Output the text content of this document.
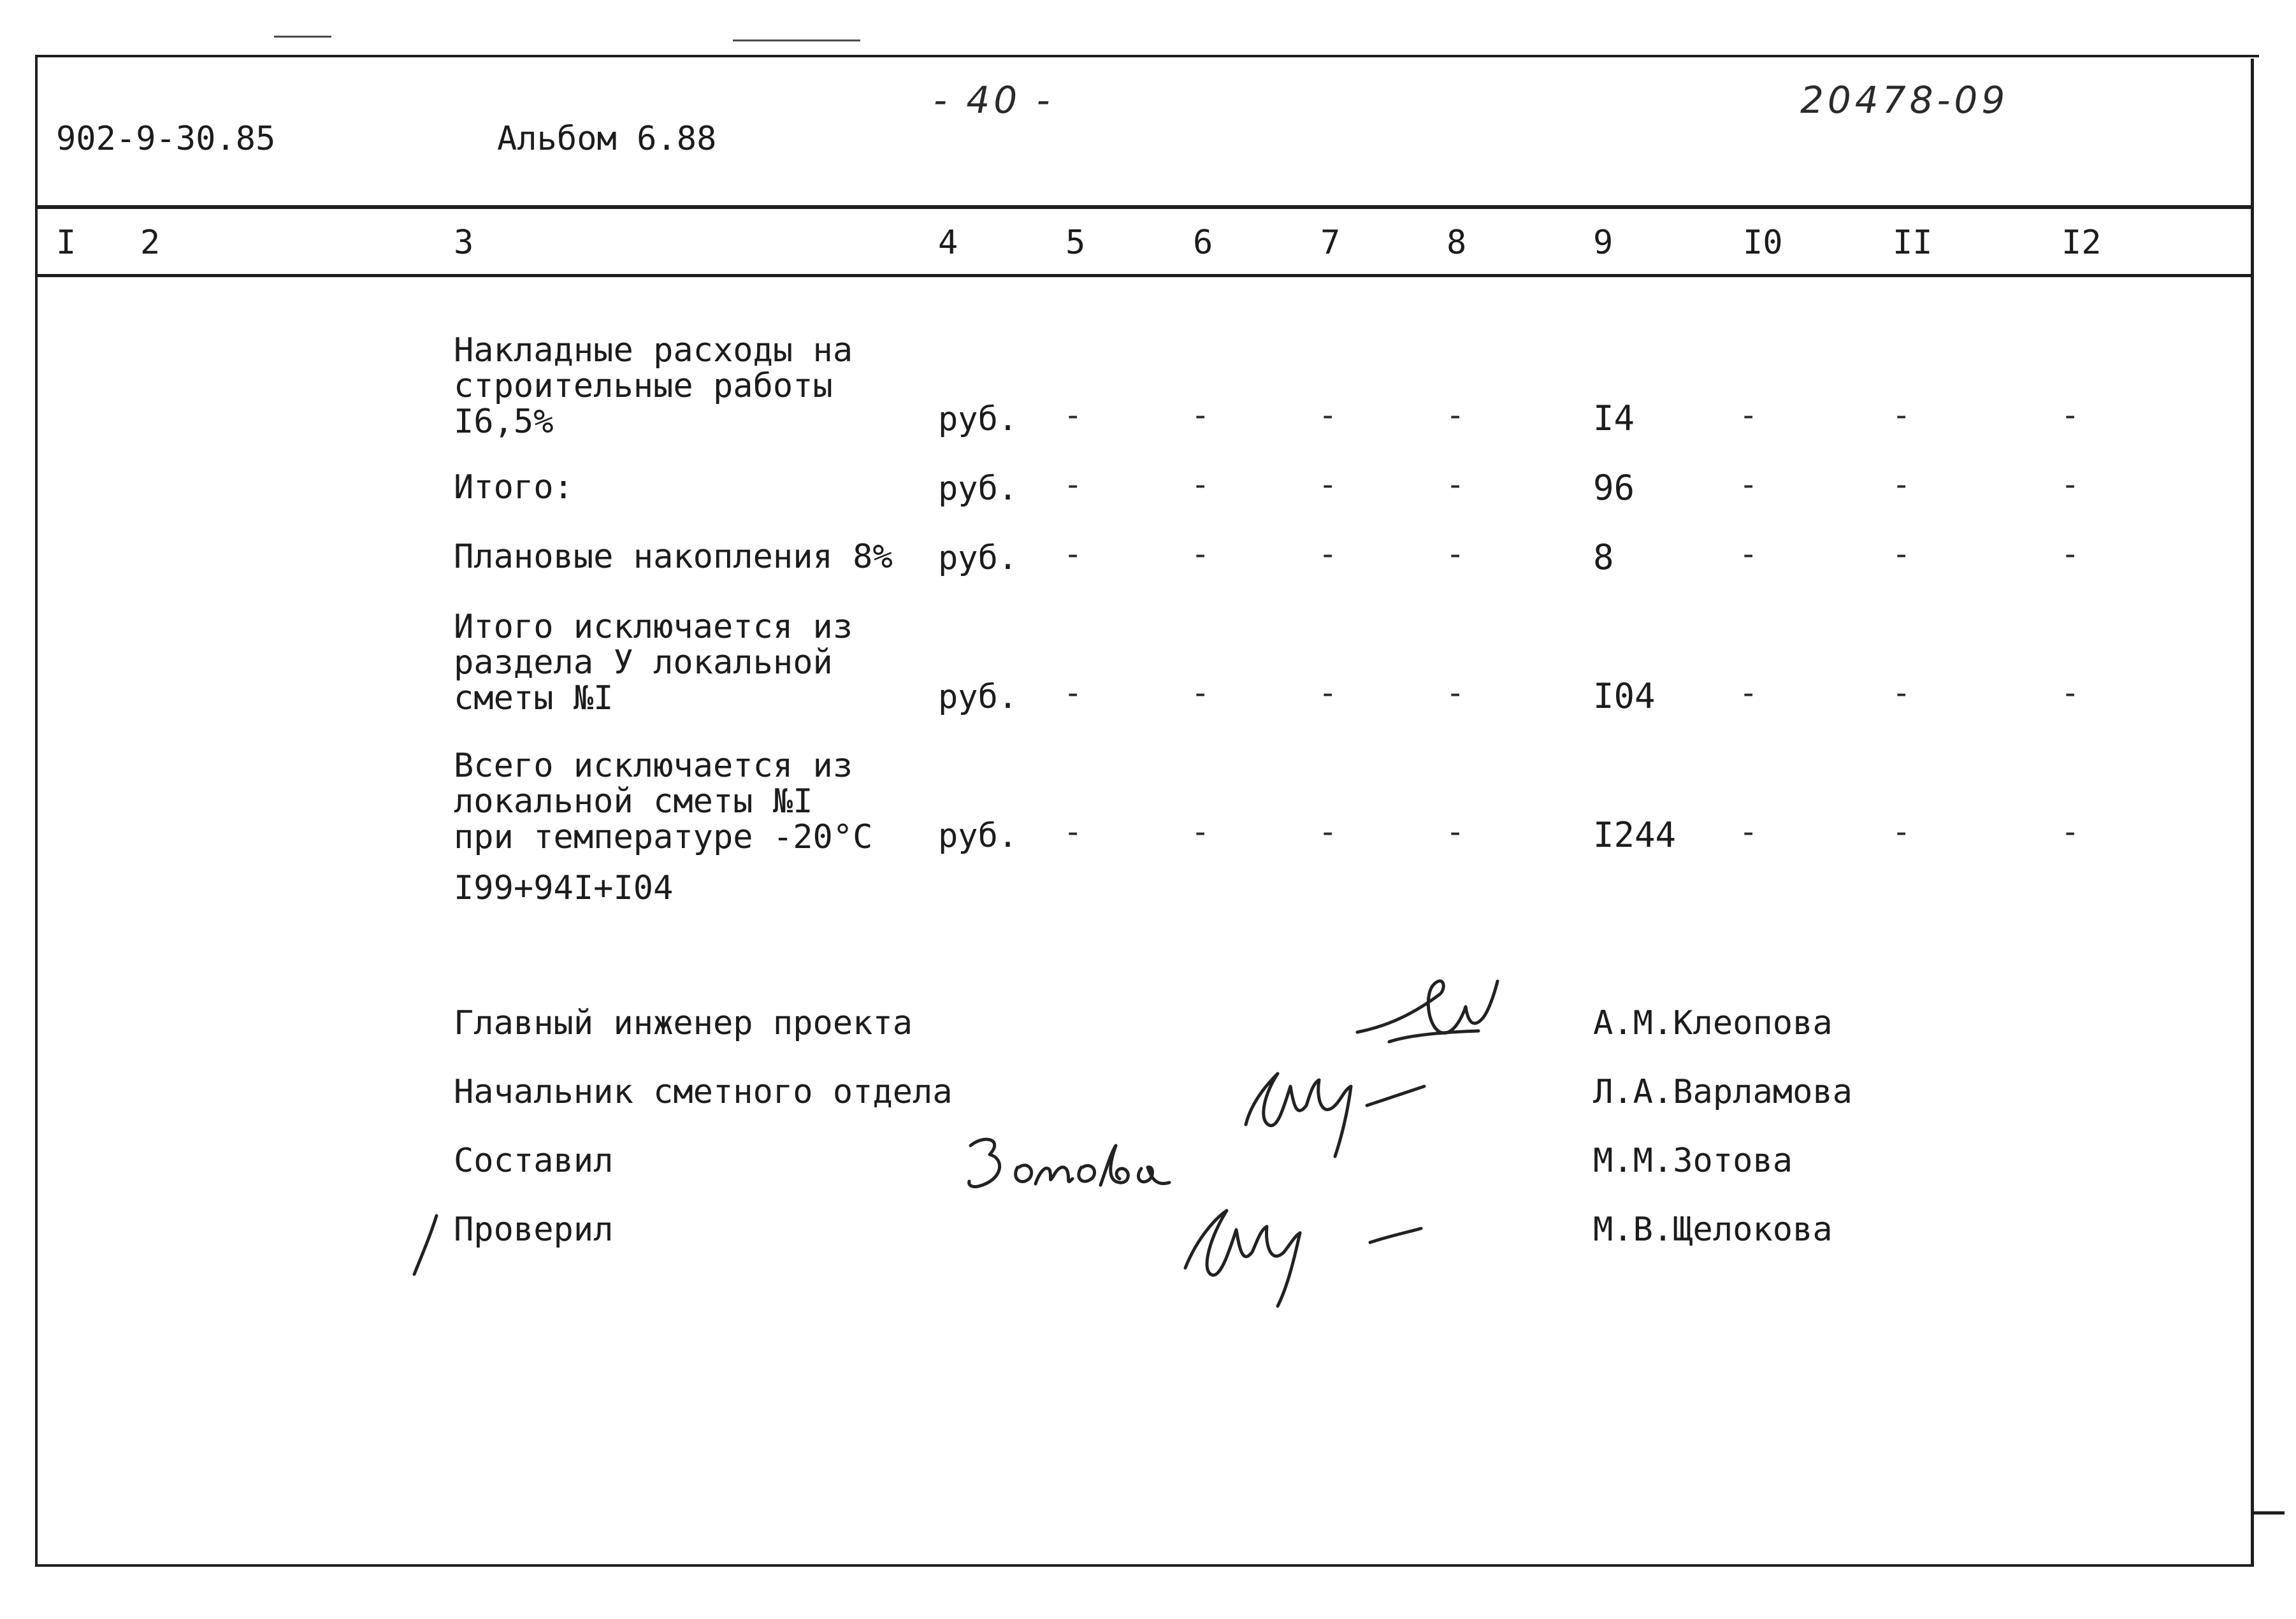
902-9-30.85	Альбом 6.88
- 40 -	20478-09
I 2	3	4	5	6	7	8	9	I0	II	I2
Накладные расходы на
строительные работы
I6,5%	руб. -	-	-	-	I4	-	-	-
Итого:	руб. -	-	-	-	96	-	-	-
Плановые накопления 8% руб. -	-	-	-	8	-	-	-
Итого исключается из
раздела У локальной
сметы №I	руб. -	-	-	-	I04	-	-	-
Всего исключается из
локальной сметы №I
при температуре -20°C руб. -	-	-	-	I244 -	-	-
I99+94I+I04
Главный инженер проекта	А.М.Клеопова
Начальник сметного отдела	Л.А.Варламова
Составил	М.М.Зотова
Проверил	М.В.Щелокова
